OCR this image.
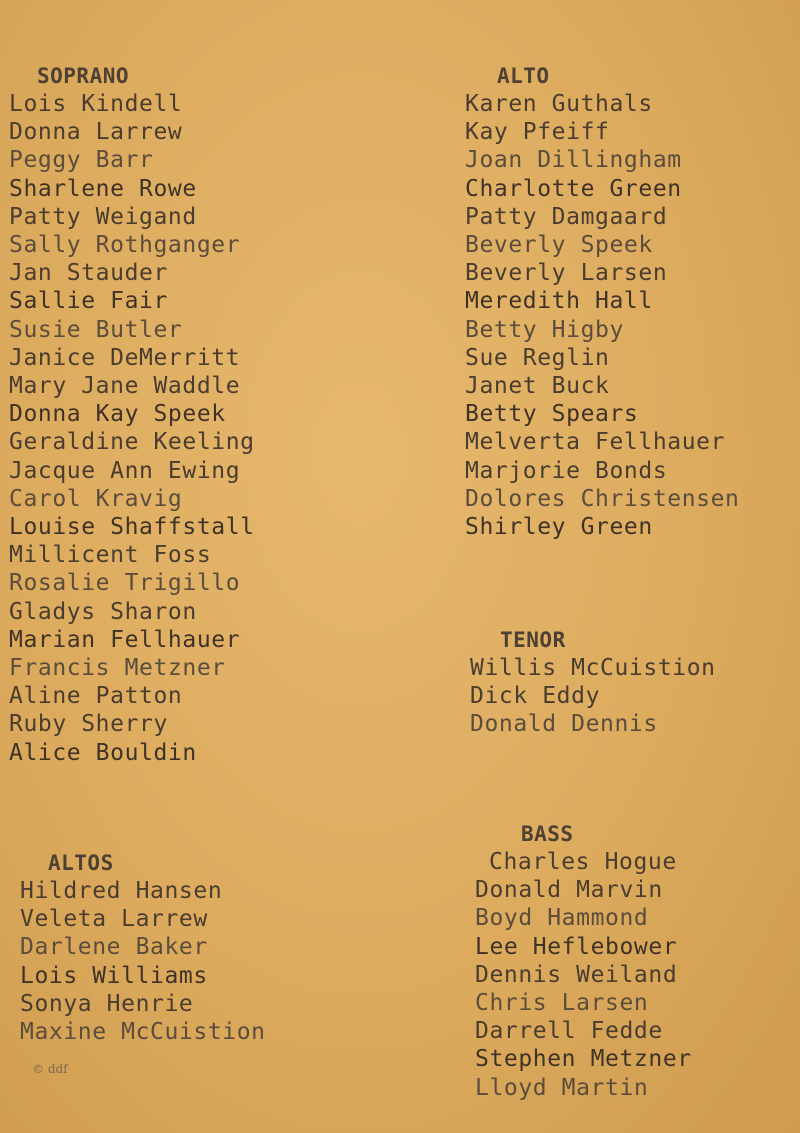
SOPRANO
Lois Kindell
Donna Larrew
Peggy Barr
Sharlene Rowe
Patty Weigand
Sally Rothganger
Jan Stauder
Sallie Fair
Susie Butler
Janice DeMerritt
Mary Jane Waddle
Donna Kay Speek
Geraldine Keeling
Jacque Ann Ewing
Carol Kravig
Louise Shaffstall
Millicent Foss
Rosalie Trigillo
Gladys Sharon
Marian Fellhauer
Francis Metzner
Aline Patton
Ruby Sherry
Alice Bouldin
ALTOS
Hildred Hansen
Veleta Larrew
Darlene Baker
Lois Williams
Sonya Henrie
Maxine McCuistion
ALTO
Karen Guthals
Kay Pfeiff
Joan Dillingham
Charlotte Green
Patty Damgaard
Beverly Speek
Beverly Larsen
Meredith Hall
Betty Higby
Sue Reglin
Janet Buck
Betty Spears
Melverta Fellhauer
Marjorie Bonds
Dolores Christensen
Shirley Green
TENOR
Willis McCuistion
Dick Eddy
Donald Dennis
BASS
Charles Hogue
Donald Marvin
Boyd Hammond
Lee Heflebower
Dennis Weiland
Chris Larsen
Darrell Fedde
Stephen Metzner
Lloyd Martin
© ddf
